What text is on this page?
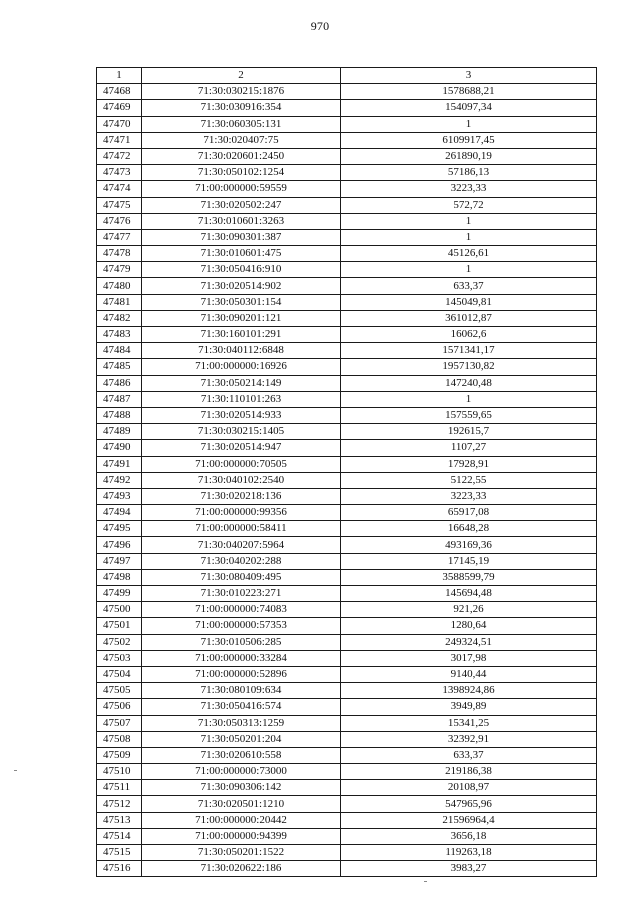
970
1	2	3
47468	71:30:030215:1876	1578688,21
47469	71:30:030916:354	154097,34
47470	71:30:060305:131	1
47471	71:30:020407:75	6109917,45
47472	71:30:020601:2450	261890,19
47473	71:30:050102:1254	57186,13
47474	71:00:000000:59559	3223,33
47475	71:30:020502:247	572,72
47476	71:30:010601:3263	1
47477	71:30:090301:387	1
47478	71:30:010601:475	45126,61
47479	71:30:050416:910	1
47480	71:30:020514:902	633,37
47481	71:30:050301:154	145049,81
47482	71:30:090201:121	361012,87
47483	71:30:160101:291	16062,6
47484	71:30:040112:6848	1571341,17
47485	71:00:000000:16926	1957130,82
47486	71:30:050214:149	147240,48
47487	71:30:110101:263	1
47488	71:30:020514:933	157559,65
47489	71:30:030215:1405	192615,7
47490	71:30:020514:947	1107,27
47491	71:00:000000:70505	17928,91
47492	71:30:040102:2540	5122,55
47493	71:30:020218:136	3223,33
47494	71:00:000000:99356	65917,08
47495	71:00:000000:58411	16648,28
47496	71:30:040207:5964	493169,36
47497	71:30:040202:288	17145,19
47498	71:30:080409:495	3588599,79
47499	71:30:010223:271	145694,48
47500	71:00:000000:74083	921,26
47501	71:00:000000:57353	1280,64
47502	71:30:010506:285	249324,51
47503	71:00:000000:33284	3017,98
47504	71:00:000000:52896	9140,44
47505	71:30:080109:634	1398924,86
47506	71:30:050416:574	3949,89
47507	71:30:050313:1259	15341,25
47508	71:30:050201:204	32392,91
47509	71:30:020610:558	633,37
47510	71:00:000000:73000	219186,38
47511	71:30:090306:142	20108,97
47512	71:30:020501:1210	547965,96
47513	71:00:000000:20442	21596964,4
47514	71:00:000000:94399	3656,18
47515	71:30:050201:1522	119263,18
47516	71:30:020622:186	3983,27
